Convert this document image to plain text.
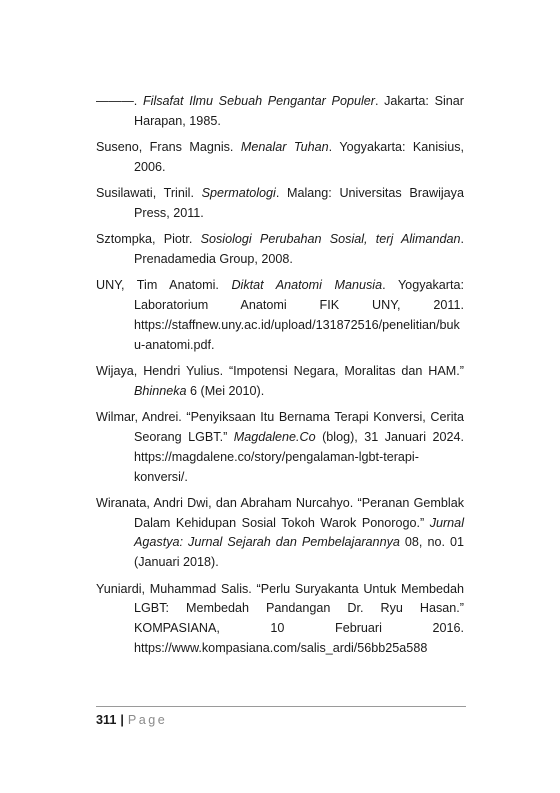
———. Filsafat Ilmu Sebuah Pengantar Populer. Jakarta: Sinar Harapan, 1985.

Suseno, Frans Magnis. Menalar Tuhan. Yogyakarta: Kanisius, 2006.

Susilawati, Trinil. Spermatologi. Malang: Universitas Brawijaya Press, 2011.

Sztompka, Piotr. Sosiologi Perubahan Sosial, terj Alimandan. Prenadamedia Group, 2008.

UNY, Tim Anatomi. Diktat Anatomi Manusia. Yogyakarta: Laboratorium Anatomi FIK UNY, 2011. https://staffnew.uny.ac.id/upload/131872516/penelitian/buku-anatomi.pdf.

Wijaya, Hendri Yulius. “Impotensi Negara, Moralitas dan HAM.” Bhinneka 6 (Mei 2010).

Wilmar, Andrei. “Penyiksaan Itu Bernama Terapi Konversi, Cerita Seorang LGBT.” Magdalene.Co (blog), 31 Januari 2024. https://magdalene.co/story/pengalaman-lgbt-terapi-konversi/.

Wiranata, Andri Dwi, dan Abraham Nurcahyo. “Peranan Gemblak Dalam Kehidupan Sosial Tokoh Warok Ponorogo.” Jurnal Agastya: Jurnal Sejarah dan Pembelajarannya 08, no. 01 (Januari 2018).

Yuniardi, Muhammad Salis. “Perlu Suryakanta Untuk Membedah LGBT: Membedah Pandangan Dr. Ryu Hasan.” KOMPASIANA, 10 Februari 2016. https://www.kompasiana.com/salis_ardi/56bb25a588

311 | Page
